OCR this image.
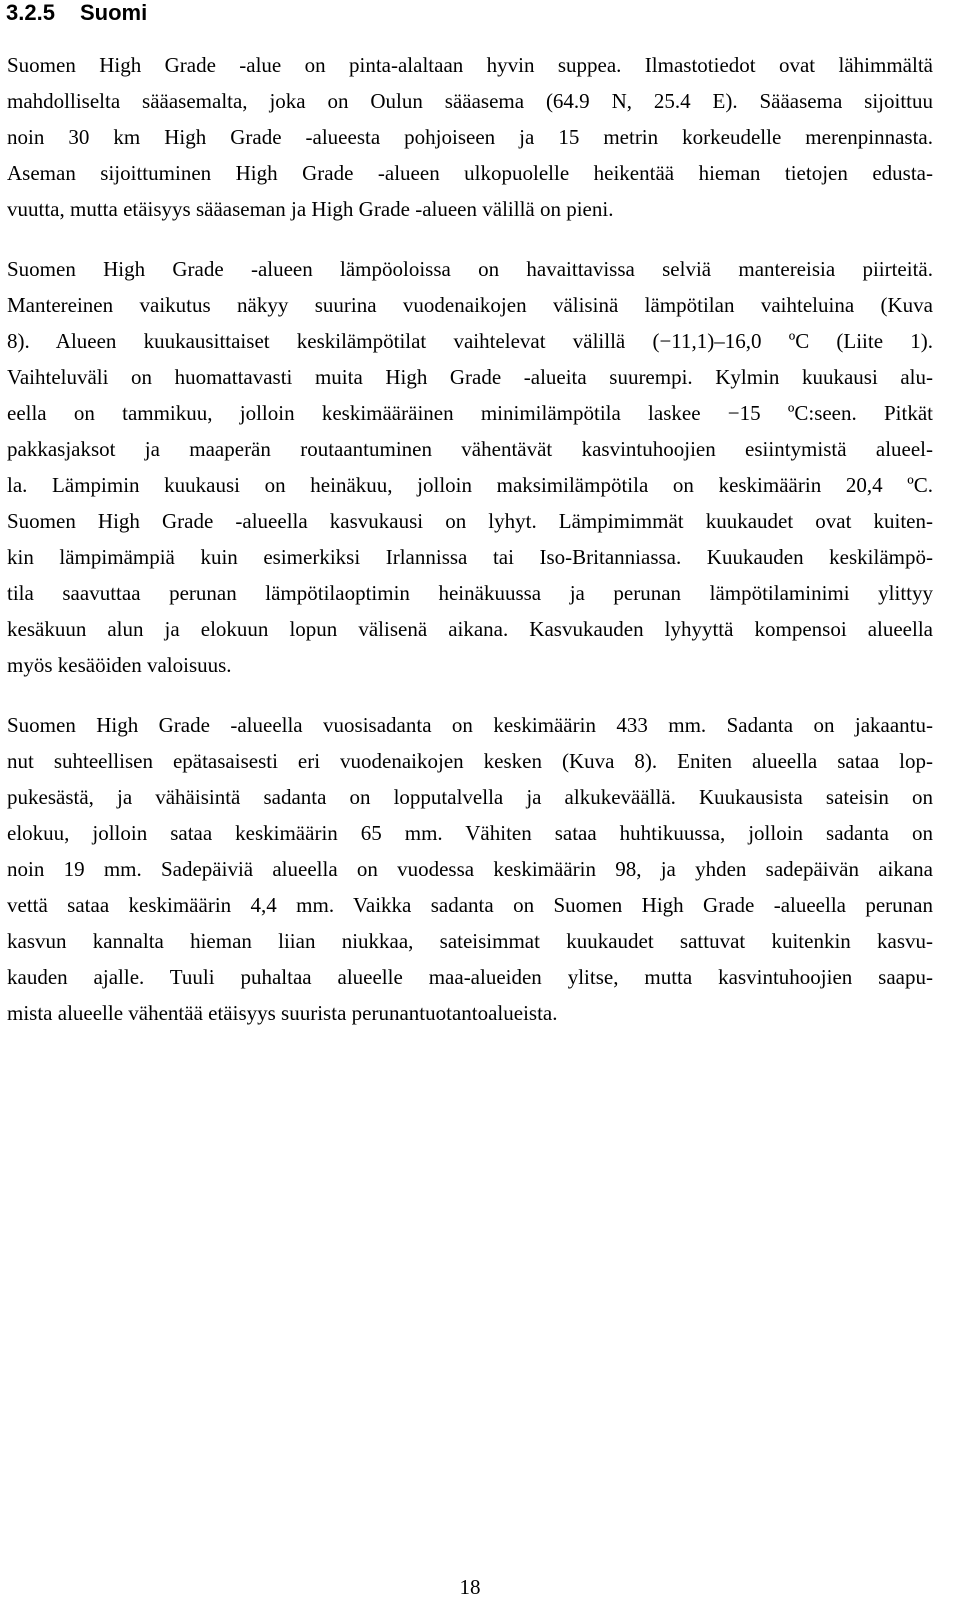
3.2.5 Suomi

Suomen High Grade -alue on pinta-alaltaan hyvin suppea. Ilmastotiedot ovat lähimmältä

mahdolliselta sääasemalta, joka on Oulun sääasema (64.9 N, 25.4 E). Sääasema sijoittuu

noin 30 km High Grade -alueesta pohjoiseen ja 15 metrin korkeudelle merenpinnasta.

Aseman sijoittuminen High Grade -alueen ulkopuolelle heikentää hieman tietojen edusta-

vuutta, mutta etäisyys sääaseman ja High Grade -alueen välillä on pieni.

Suomen High Grade -alueen lämpöoloissa on havaittavissa selviä mantereisia piirteitä.

Mantereinen vaikutus näkyy suurina vuodenaikojen välisinä lämpötilan vaihteluina (Kuva

8). Alueen kuukausittaiset keskilämpötilat vaihtelevat välillä (−11,1)–16,0 ºC (Liite 1).

Vaihteluväli on huomattavasti muita High Grade -alueita suurempi. Kylmin kuukausi alu-

eella on tammikuu, jolloin keskimääräinen minimilämpötila laskee −15 ºC:seen. Pitkät

pakkasjaksot ja maaperän routaantuminen vähentävät kasvintuhoojien esiintymistä alueel-

la. Lämpimin kuukausi on heinäkuu, jolloin maksimilämpötila on keskimäärin 20,4 ºC.

Suomen High Grade -alueella kasvukausi on lyhyt. Lämpimimmät kuukaudet ovat kuiten-

kin lämpimämpiä kuin esimerkiksi Irlannissa tai Iso-Britanniassa. Kuukauden keskilämpö-

tila saavuttaa perunan lämpötilaoptimin heinäkuussa ja perunan lämpötilaminimi ylittyy

kesäkuun alun ja elokuun lopun välisenä aikana. Kasvukauden lyhyyttä kompensoi alueella

myös kesäöiden valoisuus.

Suomen High Grade -alueella vuosisadanta on keskimäärin 433 mm. Sadanta on jakaantu-

nut suhteellisen epätasaisesti eri vuodenaikojen kesken (Kuva 8). Eniten alueella sataa lop-

pukesästä, ja vähäisintä sadanta on lopputalvella ja alkukeväällä. Kuukausista sateisin on

elokuu, jolloin sataa keskimäärin 65 mm. Vähiten sataa huhtikuussa, jolloin sadanta on

noin 19 mm. Sadepäiviä alueella on vuodessa keskimäärin 98, ja yhden sadepäivän aikana

vettä sataa keskimäärin 4,4 mm. Vaikka sadanta on Suomen High Grade -alueella perunan

kasvun kannalta hieman liian niukkaa, sateisimmat kuukaudet sattuvat kuitenkin kasvu-

kauden ajalle. Tuuli puhaltaa alueelle maa-alueiden ylitse, mutta kasvintuhoojien saapu-

mista alueelle vähentää etäisyys suurista perunantuotantoalueista.

18
